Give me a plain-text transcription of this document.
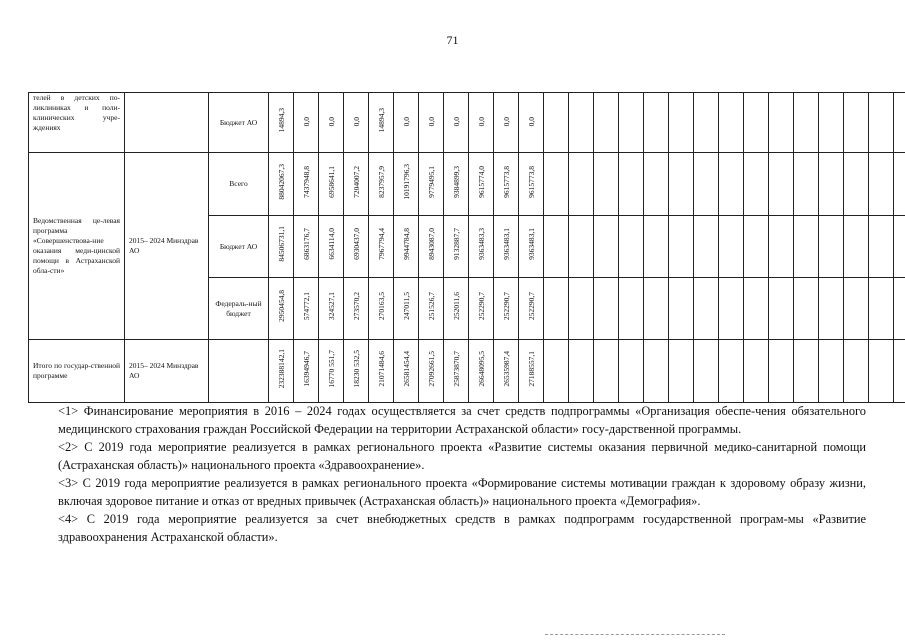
71
телей в детских по-ликлиниках и поли-клинических учре-ждениях		Бюджет АО	14894,3	0,0	0,0	0,0	14894,3	0,0	0,0	0,0	0,0	0,0	0,0																	
Ведомственная це-левая программа «Совершенствова-ние оказания меди-цинской помощи в Астраханской обла-сти»	2015– 2024 Минздрав АО	Всего	88042067,3	7437948,8	6958641,1	7204007,2	8237957,9	10191796,3	9779495,1	9384899,3	9615774,0	9615773,8	9615773,8																	
		Бюджет АО	84506731,1	6863176,7	6634114,0	6930437,0	7967794,4	9944784,8	8943087,0	9132887,7	9363483,3	9363483,1	9363483,1																	
		Федераль-ный бюджет	2950454,8	574772,1	324527,1	273570,2	270163,5	247011,5	251526,7	252011,6	252290,7	252290,7	252290,7																	
Итого по государ-ственной программе	2015– 2024 Минздрав АО		232388142,1	16394946,7	16770 551,7	18230 532,5	21071484,6	26581454,4	27092661,5	25873870,7	26648095,5	26535987,4	27188557,1																	

<1> Финансирование мероприятия в 2016 – 2024 годах осуществляется за счет средств подпрограммы «Организация обеспе-чения обязательного медицинского страхования граждан Российской Федерации на территории Астраханской области» госу-дарственной программы.

<2> С 2019 года мероприятие реализуется в рамках регионального проекта «Развитие системы оказания первичной медико-санитарной помощи (Астраханская область)» национального проекта «Здравоохранение».

<3> С 2019 года мероприятие реализуется в рамках регионального проекта «Формирование системы мотивации граждан к здоровому образу жизни, включая здоровое питание и отказ от вредных привычек (Астраханская область)» национального проекта «Демография».

<4> С 2019 года мероприятие реализуется за счет внебюджетных средств в рамках подпрограмм государственной програм-мы «Развитие здравоохранения Астраханской области».
